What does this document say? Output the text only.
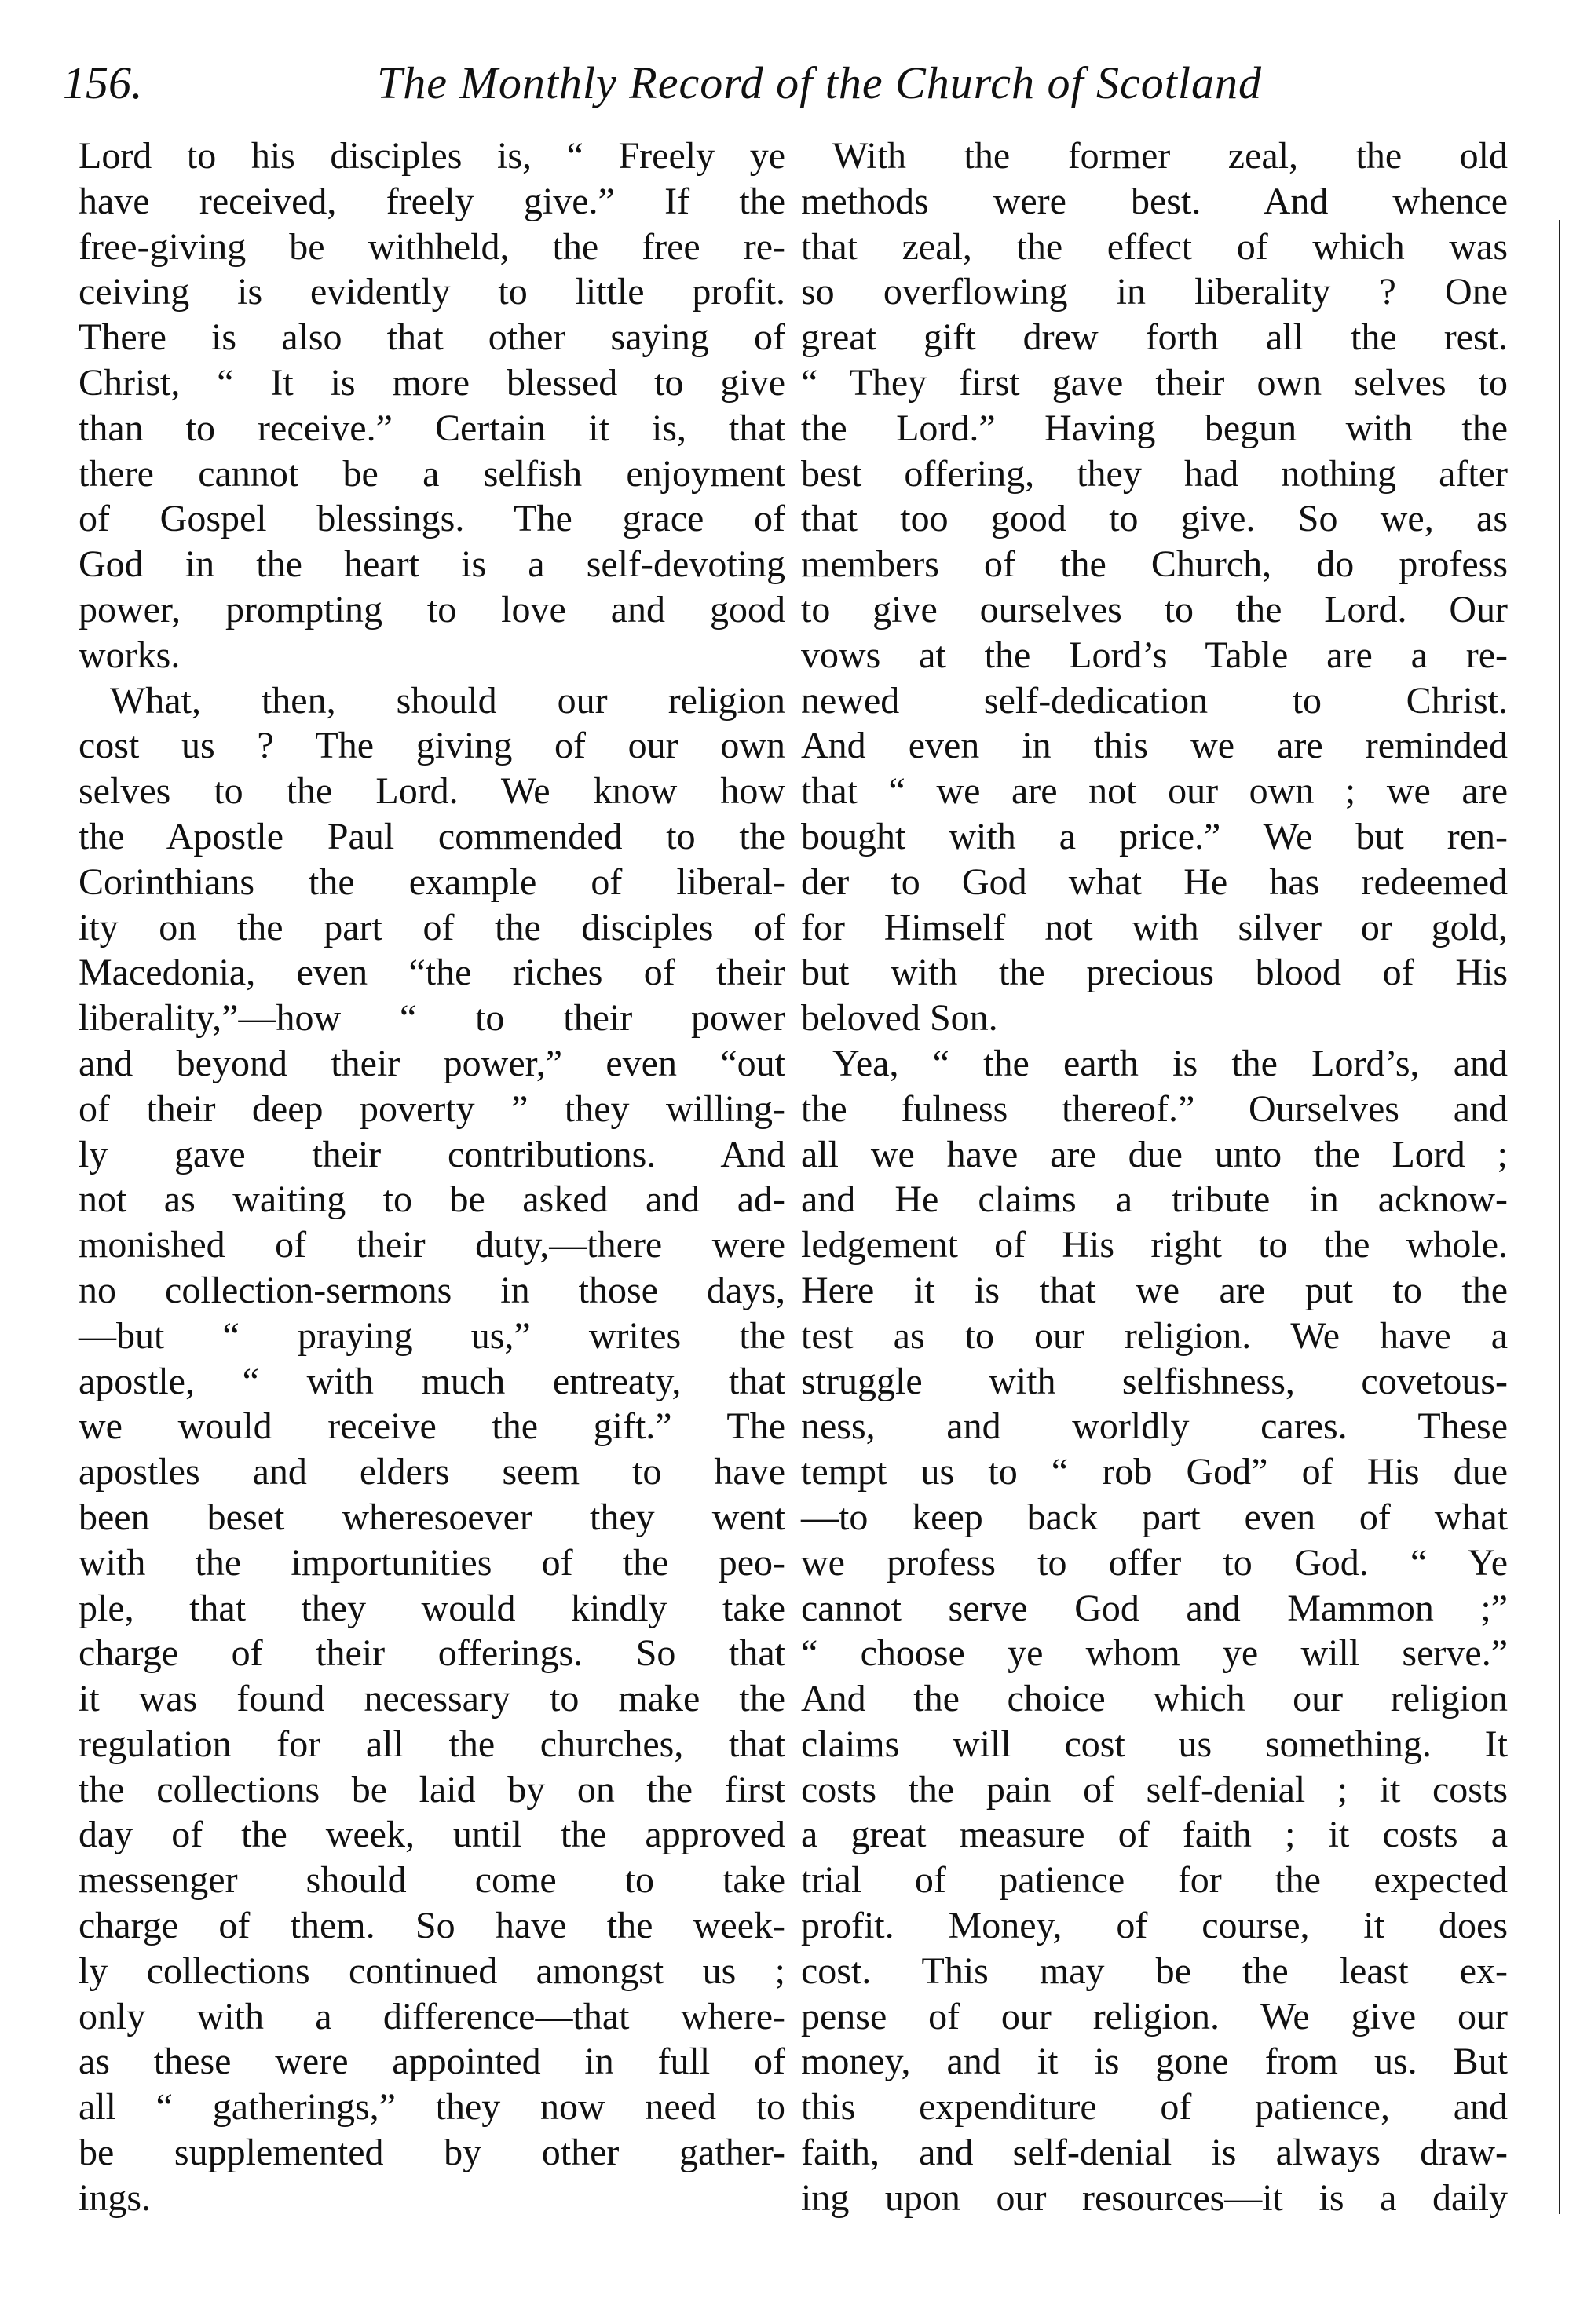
156.	The Monthly Record of the Church of Scotland
Lord to his disciples is, “ Freely ye
have received, freely give.” If the
free-giving be withheld, the free re-
ceiving is evidently to little profit.
There is also that other saying of
Christ, “ It is more blessed to give
than to receive.” Certain it is, that
there cannot be a selfish enjoyment
of Gospel blessings. The grace of
God in the heart is a self-devoting
power, prompting to love and good
works.
What, then, should our religion
cost us ? The giving of our own
selves to the Lord. We know how
the Apostle Paul commended to the
Corinthians the example of liberal-
ity on the part of the disciples of
Macedonia, even “the riches of their
liberality,”—how “ to their power
and beyond their power,” even “out
of their deep poverty ” they willing-
ly gave their contributions. And
not as waiting to be asked and ad-
monished of their duty,—there were
no collection-sermons in those days,
—but “ praying us,” writes the
apostle, “ with much entreaty, that
we would receive the gift.” The
apostles and elders seem to have
been beset wheresoever they went
with the importunities of the peo-
ple, that they would kindly take
charge of their offerings. So that
it was found necessary to make the
regulation for all the churches, that
the collections be laid by on the first
day of the week, until the approved
messenger should come to take
charge of them. So have the week-
ly collections continued amongst us ;
only with a difference—that where-
as these were appointed in full of
all “ gatherings,” they now need to
be supplemented by other gather-
ings.
With the former zeal, the old
methods were best. And whence
that zeal, the effect of which was
so overflowing in liberality ? One
great gift drew forth all the rest.
“ They first gave their own selves to
the Lord.” Having begun with the
best offering, they had nothing after
that too good to give. So we, as
members of the Church, do profess
to give ourselves to the Lord. Our
vows at the Lord’s Table are a re-
newed self-dedication to Christ.
And even in this we are reminded
that “ we are not our own ; we are
bought with a price.” We but ren-
der to God what He has redeemed
for Himself not with silver or gold,
but with the precious blood of His
beloved Son.
Yea, “ the earth is the Lord’s, and
the fulness thereof.” Ourselves and
all we have are due unto the Lord ;
and He claims a tribute in acknow-
ledgement of His right to the whole.
Here it is that we are put to the
test as to our religion. We have a
struggle with selfishness, covetous-
ness, and worldly cares. These
tempt us to “ rob God” of His due
—to keep back part even of what
we profess to offer to God. “ Ye
cannot serve God and Mammon ;”
“ choose ye whom ye will serve.”
And the choice which our religion
claims will cost us something. It
costs the pain of self-denial ; it costs
a great measure of faith ; it costs a
trial of patience for the expected
profit. Money, of course, it does
cost. This may be the least ex-
pense of our religion. We give our
money, and it is gone from us. But
this expenditure of patience, and
faith, and self-denial is always draw-
ing upon our resources—it is a daily
